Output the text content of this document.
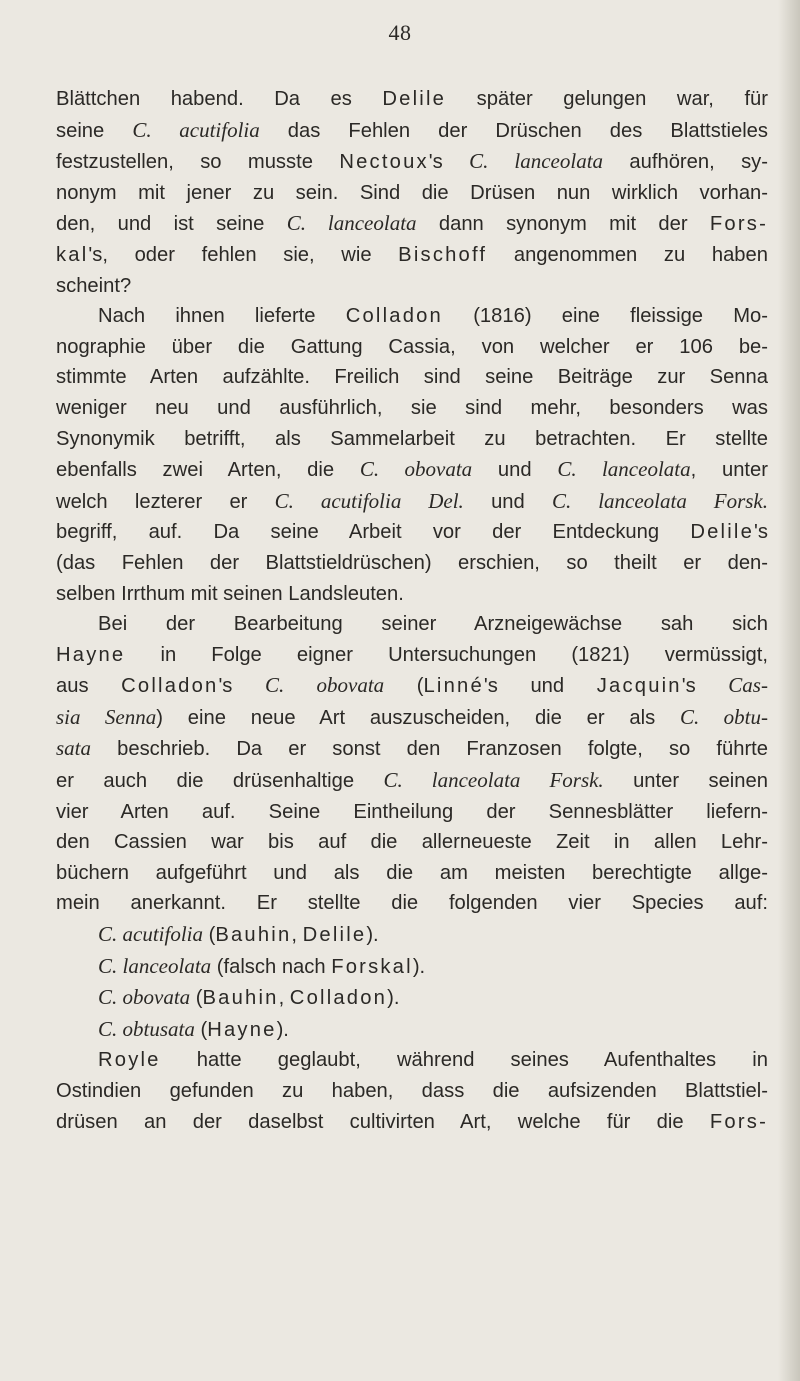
48
Blättchen habend. Da es Delile später gelungen war, für
seine C. acutifolia das Fehlen der Drüschen des Blattstieles
festzustellen, so musste Nectoux's C. lanceolata aufhören, sy-
nonym mit jener zu sein. Sind die Drüsen nun wirklich vorhan-
den, und ist seine C. lanceolata dann synonym mit der Fors-
kal's, oder fehlen sie, wie Bischoff angenommen zu haben
scheint?
Nach ihnen lieferte Colladon (1816) eine fleissige Mo-
nographie über die Gattung Cassia, von welcher er 106 be-
stimmte Arten aufzählte. Freilich sind seine Beiträge zur Senna
weniger neu und ausführlich, sie sind mehr, besonders was
Synonymik betrifft, als Sammelarbeit zu betrachten. Er stellte
ebenfalls zwei Arten, die C. obovata und C. lanceolata, unter
welch lezterer er C. acutifolia Del. und C. lanceolata Forsk.
begriff, auf. Da seine Arbeit vor der Entdeckung Delile's
(das Fehlen der Blattstieldrüschen) erschien, so theilt er den-
selben Irrthum mit seinen Landsleuten.
Bei der Bearbeitung seiner Arzneigewächse sah sich
Hayne in Folge eigner Untersuchungen (1821) vermüssigt,
aus Colladon's C. obovata (Linné's und Jacquin's Cas-
sia Senna) eine neue Art auszuscheiden, die er als C. obtu-
sata beschrieb. Da er sonst den Franzosen folgte, so führte
er auch die drüsenhaltige C. lanceolata Forsk. unter seinen
vier Arten auf. Seine Eintheilung der Sennesblätter liefern-
den Cassien war bis auf die allerneueste Zeit in allen Lehr-
büchern aufgeführt und als die am meisten berechtigte allge-
mein anerkannt. Er stellte die folgenden vier Species auf:
C. acutifolia (Bauhin, Delile).
C. lanceolata (falsch nach Forskal).
C. obovata (Bauhin, Colladon).
C. obtusata (Hayne).
Royle hatte geglaubt, während seines Aufenthaltes in
Ostindien gefunden zu haben, dass die aufsizenden Blattstiel-
drüsen an der daselbst cultivirten Art, welche für die Fors-
